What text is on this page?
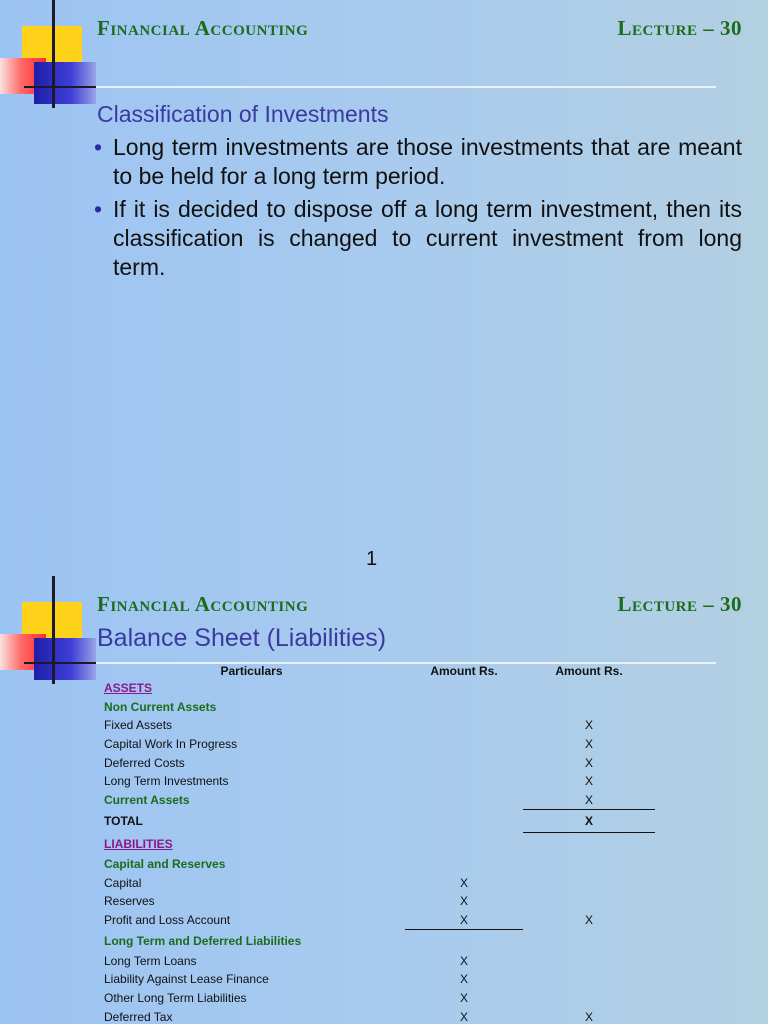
Financial Accounting	Lecture – 30
Classification of Investments
• Long term investments are those investments that are meant to be held for a long term period.
• If it is decided to dispose off a long term investment, then its classification is changed to current investment from long term.
1
Financial Accounting	Lecture – 30
Balance Sheet (Liabilities)
Particulars	Amount Rs.	Amount Rs.
ASSETS		
Non Current Assets		
Fixed Assets		X
Capital Work In Progress		X
Deferred Costs		X
Long Term Investments		X
Current Assets		X
TOTAL		X
LIABILITIES		
Capital and Reserves		
Capital	X	
Reserves	X	
Profit and Loss Account	X	X
Long Term and Deferred Liabilities		
Long Term Loans	X	
Liability Against Lease Finance	X	
Other Long Term Liabilities	X	
Deferred Tax	X	X
